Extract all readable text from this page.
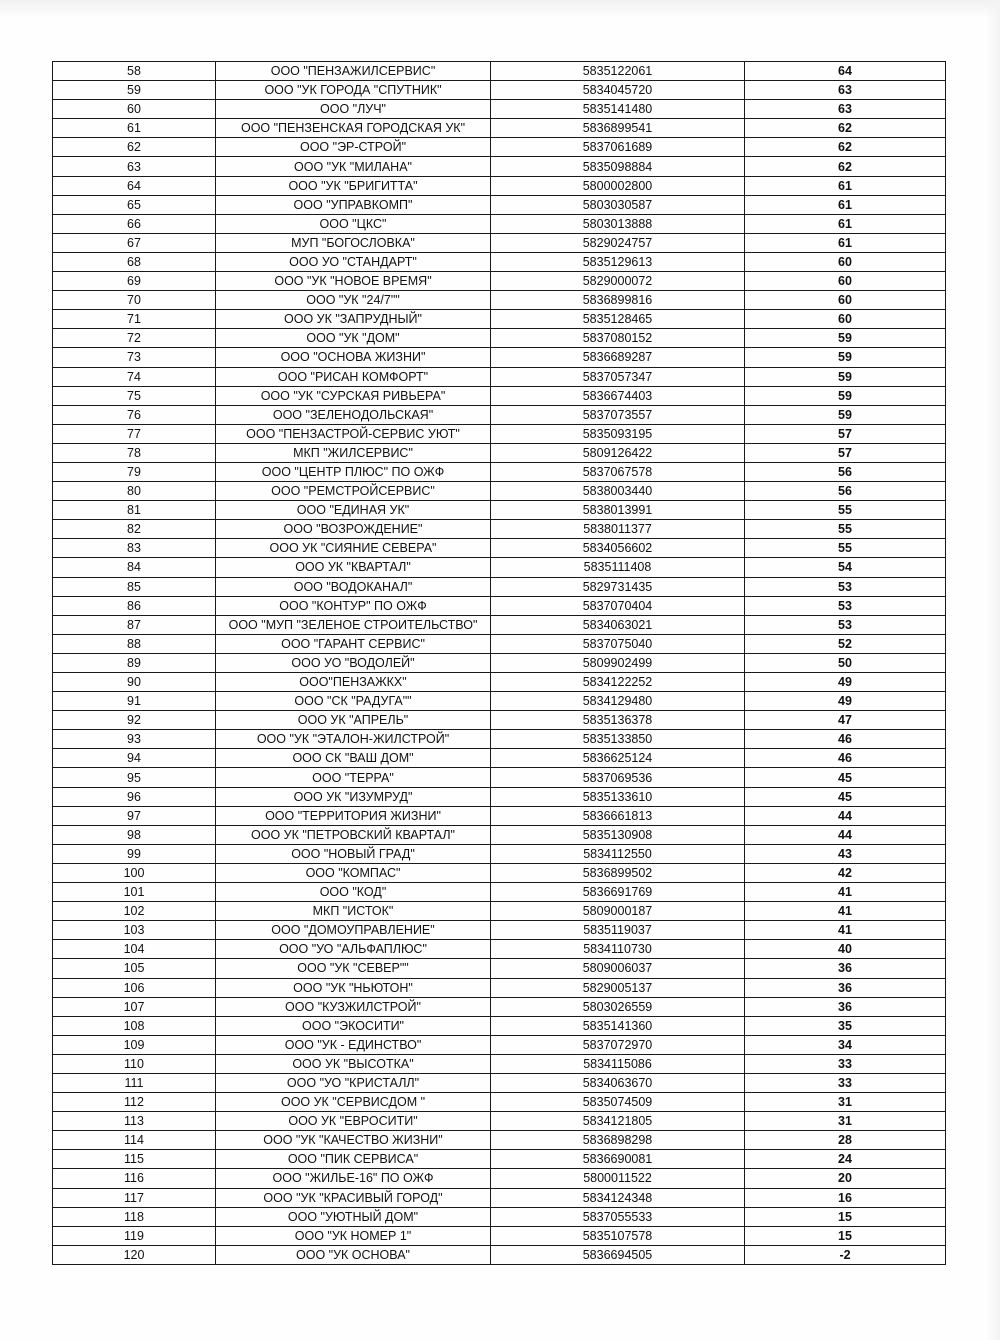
58	ООО "ПЕНЗАЖИЛСЕРВИС"	5835122061	64
59	ООО "УК ГОРОДА "СПУТНИК"	5834045720	63
60	ООО "ЛУЧ"	5835141480	63
61	ООО "ПЕНЗЕНСКАЯ ГОРОДСКАЯ УК"	5836899541	62
62	ООО "ЭР-СТРОЙ"	5837061689	62
63	ООО "УК "МИЛАНА"	5835098884	62
64	ООО "УК "БРИГИТТА"	5800002800	61
65	ООО "УПРАВКОМП"	5803030587	61
66	ООО "ЦКС"	5803013888	61
67	МУП "БОГОСЛОВКА"	5829024757	61
68	ООО УО "СТАНДАРТ"	5835129613	60
69	ООО "УК "НОВОЕ ВРЕМЯ"	5829000072	60
70	ООО "УК "24/7""	5836899816	60
71	ООО УК "ЗАПРУДНЫЙ"	5835128465	60
72	ООО "УК "ДОМ"	5837080152	59
73	ООО "ОСНОВА ЖИЗНИ"	5836689287	59
74	ООО "РИСАН КОМФОРТ"	5837057347	59
75	ООО "УК "СУРСКАЯ РИВЬЕРА"	5836674403	59
76	ООО "ЗЕЛЕНОДОЛЬСКАЯ"	5837073557	59
77	ООО "ПЕНЗАСТРОЙ-СЕРВИС УЮТ"	5835093195	57
78	МКП "ЖИЛСЕРВИС"	5809126422	57
79	ООО "ЦЕНТР ПЛЮС" ПО ОЖФ	5837067578	56
80	ООО "РЕМСТРОЙСЕРВИС"	5838003440	56
81	ООО "ЕДИНАЯ УК"	5838013991	55
82	ООО "ВОЗРОЖДЕНИЕ"	5838011377	55
83	ООО УК "СИЯНИЕ СЕВЕРА"	5834056602	55
84	ООО УК "КВАРТАЛ"	5835111408	54
85	ООО "ВОДОКАНАЛ"	5829731435	53
86	ООО "КОНТУР" ПО ОЖФ	5837070404	53
87	ООО "МУП "ЗЕЛЕНОЕ СТРОИТЕЛЬСТВО"	5834063021	53
88	ООО "ГАРАНТ СЕРВИС"	5837075040	52
89	ООО УО "ВОДОЛЕЙ"	5809902499	50
90	ООО"ПЕНЗАЖКХ"	5834122252	49
91	ООО "СК "РАДУГА""	5834129480	49
92	ООО УК "АПРЕЛЬ"	5835136378	47
93	ООО "УК "ЭТАЛОН-ЖИЛСТРОЙ"	5835133850	46
94	ООО СК "ВАШ ДОМ"	5836625124	46
95	ООО "ТЕРРА"	5837069536	45
96	ООО УК "ИЗУМРУД"	5835133610	45
97	ООО "ТЕРРИТОРИЯ ЖИЗНИ"	5836661813	44
98	ООО УК "ПЕТРОВСКИЙ КВАРТАЛ"	5835130908	44
99	ООО "НОВЫЙ ГРАД"	5834112550	43
100	ООО "КОМПАС"	5836899502	42
101	ООО "КОД"	5836691769	41
102	МКП "ИСТОК"	5809000187	41
103	ООО "ДОМОУПРАВЛЕНИЕ"	5835119037	41
104	ООО "УО "АЛЬФАПЛЮС"	5834110730	40
105	ООО "УК "СЕВЕР""	5809006037	36
106	ООО "УК "НЬЮТОН"	5829005137	36
107	ООО "КУЗЖИЛСТРОЙ"	5803026559	36
108	ООО "ЭКОСИТИ"	5835141360	35
109	ООО "УК - ЕДИНСТВО"	5837072970	34
110	ООО УК "ВЫСОТКА"	5834115086	33
111	ООО "УО "КРИСТАЛЛ"	5834063670	33
112	ООО УК "СЕРВИСДОМ "	5835074509	31
113	ООО УК "ЕВРОСИТИ"	5834121805	31
114	ООО "УК "КАЧЕСТВО ЖИЗНИ"	5836898298	28
115	ООО "ПИК СЕРВИСА"	5836690081	24
116	ООО "ЖИЛЬЕ-16" ПО ОЖФ	5800011522	20
117	ООО "УК "КРАСИВЫЙ ГОРОД"	5834124348	16
118	ООО "УЮТНЫЙ ДОМ"	5837055533	15
119	ООО "УК НОМЕР 1"	5835107578	15
120	ООО "УК ОСНОВА"	5836694505	-2
